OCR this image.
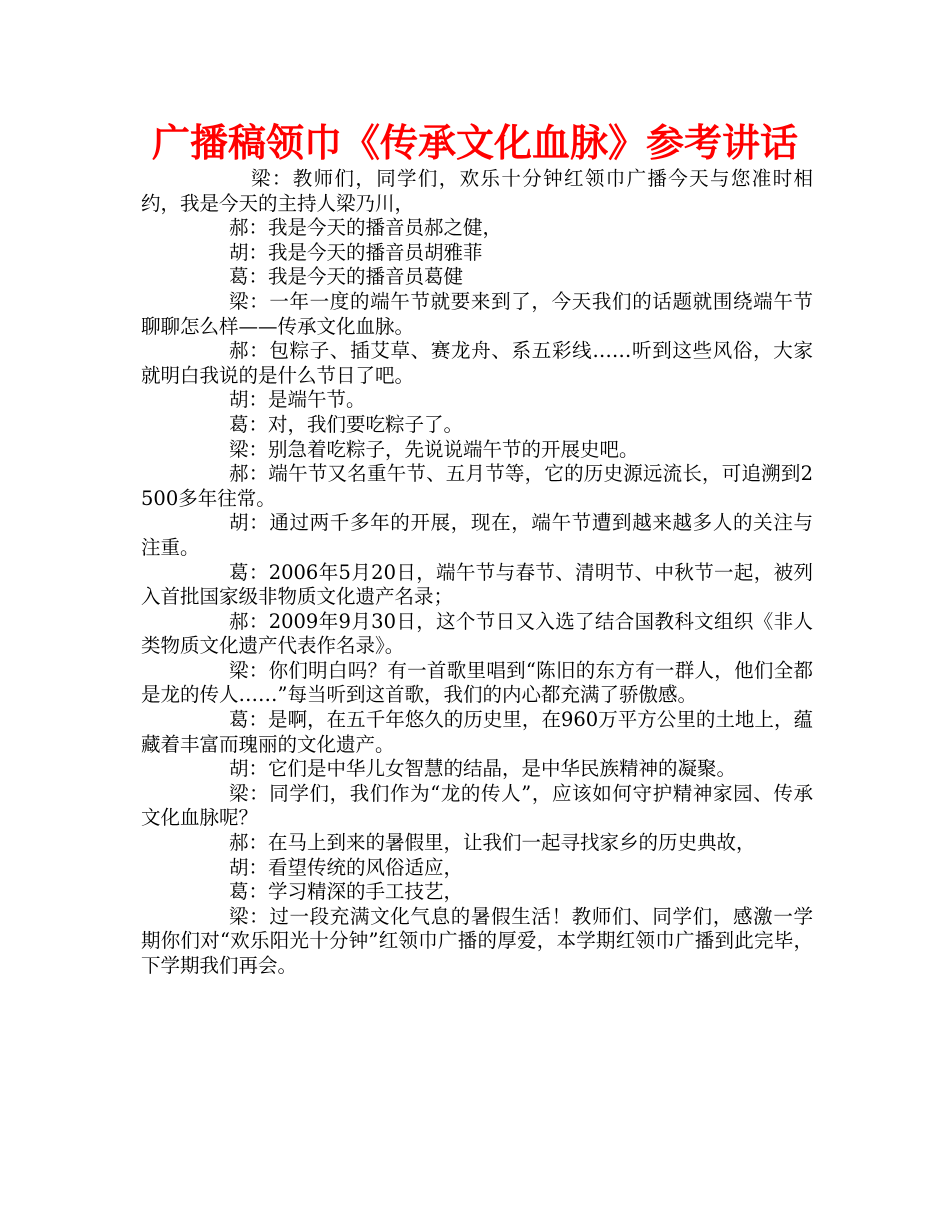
广播稿领巾《传承文化血脉》参考讲话

梁：教师们，同学们，欢乐十分钟红领巾广播今天与您准时相约，我是今天的主持人梁乃川，

郝：我是今天的播音员郝之健，

胡：我是今天的播音员胡雅菲

葛：我是今天的播音员葛健

梁：一年一度的端午节就要来到了，今天我们的话题就围绕端午节聊聊怎么样——传承文化血脉。

郝：包粽子、插艾草、赛龙舟、系五彩线……听到这些风俗，大家就明白我说的是什么节日了吧。

胡：是端午节。

葛：对，我们要吃粽子了。

梁：别急着吃粽子，先说说端午节的开展史吧。

郝：端午节又名重午节、五月节等，它的历史源远流长，可追溯到2500多年往常。

胡：通过两千多年的开展，现在，端午节遭到越来越多人的关注与注重。

葛：2006年5月20日，端午节与春节、清明节、中秋节一起，被列入首批国家级非物质文化遗产名录；

郝：2009年9月30日，这个节日又入选了结合国教科文组织《非人类物质文化遗产代表作名录》。

梁：你们明白吗？有一首歌里唱到“陈旧的东方有一群人，他们全都是龙的传人……”每当听到这首歌，我们的内心都充满了骄傲感。

葛：是啊，在五千年悠久的历史里，在960万平方公里的土地上，蕴藏着丰富而瑰丽的文化遗产。

胡：它们是中华儿女智慧的结晶，是中华民族精神的凝聚。

梁：同学们，我们作为“龙的传人”，应该如何守护精神家园、传承文化血脉呢？

郝：在马上到来的暑假里，让我们一起寻找家乡的历史典故，

胡：看望传统的风俗适应，

葛：学习精深的手工技艺，

梁：过一段充满文化气息的暑假生活！教师们、同学们，感激一学期你们对“欢乐阳光十分钟”红领巾广播的厚爱，本学期红领巾广播到此完毕，下学期我们再会。
